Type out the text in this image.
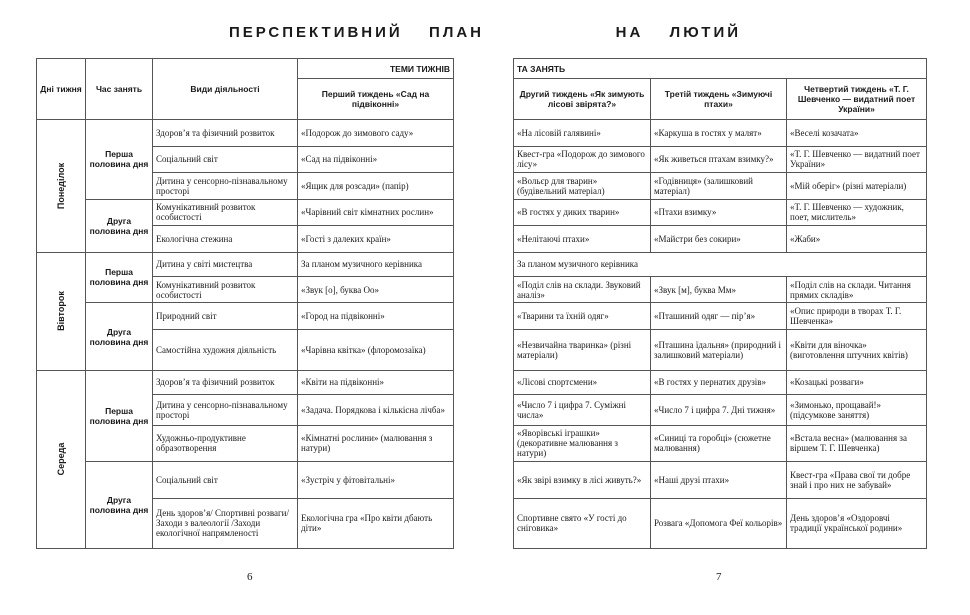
ПЕРСПЕКТИВНИЙ  ПЛАН          НА  ЛЮТИЙ
Дні тижня	Час занять	Види діяльності	ТЕМИ ТИЖНІВ
			Перший тиждень «Сад на підвіконні»

Понеділок	Перша половина дня	Здоров’я та фізичний розвиток	«Подорож до зимового саду»
		Соціальний світ	«Сад на підвіконні»
		Дитина у сенсорно-пізнавальному просторі	«Ящик для розсади» (папір)
	Друга половина дня	Комунікативний розвиток особистості	«Чарівний світ кімнатних рослин»
		Екологічна стежина	«Гості з далеких країн»

Вівторок	Перша половина дня	Дитина у світі мистецтва	За планом музичного керівника
		Комунікативний розвиток особистості	«Звук [о], буква Оо»
	Друга половина дня	Природний світ	«Город на підвіконні»
		Самостійна художня діяльність	«Чарівна квітка» (флоромозаїка)

Середа	Перша половина дня	Здоров’я та фізичний розвиток	«Квіти на підвіконні»
		Дитина у сенсорно-пізнавальному просторі	«Задача. Порядкова і кількісна лічба»
		Художньо-продуктивне образотворення	«Кімнатні рослини» (малювання з натури)
	Друга половина дня	Соціальний світ	«Зустріч у фітовітальні»
		День здоров’я/ Спортивні розваги/ Заходи з валеології /Заходи екологічної напрямленості	Екологічна гра «Про квіти дбають діти»
ТА ЗАНЯТЬ		
Другий тиждень «Як зимують лісові звірята?»	Третій тиждень «Зимуючі птахи»	Четвертий тиждень «Т. Г. Шевченко — видатний поет України»
«На лісовій галявині»	«Каркуша в гостях у малят»	«Веселі козачата»
Квест-гра «Подорож до зимового лісу»	«Як живеться птахам взимку?»	«Т. Г. Шевченко — видатний поет України»
«Вольєр для тварин» (будівельний матеріал)	«Годівниця» (залишковий матеріал)	«Мій оберіг» (різні матеріали)
«В гостях у диких тварин»	«Птахи взимку»	«Т. Г. Шевченко — художник, поет, мислитель»
«Нелітаючі птахи»	«Майстри без сокири»	«Жаби»
За планом музичного керівника		
«Поділ слів на склади. Звуковий аналіз»	«Звук [м], буква Мм»	«Поділ слів на склади. Читання прямих складів»
«Тварини та їхній одяг»	«Пташиний одяг — пір’я»	«Опис природи в творах Т. Г. Шевченка»
«Незвичайна тваринка» (різні матеріали)	«Пташина їдальня» (природний і залишковий матеріали)	«Квіти для віночка» (виготовлення штучних квітів)
«Лісові спортсмени»	«В гостях у пернатих друзів»	«Козацькі розваги»
«Число 7 і цифра 7. Суміжні числа»	«Число 7 і цифра 7. Дні тижня»	«Зимонько, прощавай!» (підсумкове заняття)
«Яворівські іграшки» (декоративне малювання з натури)	«Синиці та горобці» (сюжетне малювання)	«Встала весна» (малювання за віршем Т. Г. Шевченка)
«Як звірі взимку в лісі живуть?»	«Наші друзі птахи»	Квест-гра «Права свої ти добре знай і про них не забувай»
Спортивне свято «У гості до сніговика»	Розвага «Допомога Феї кольорів»	День здоров’я «Оздоровчі традиції української родини»
6	7
